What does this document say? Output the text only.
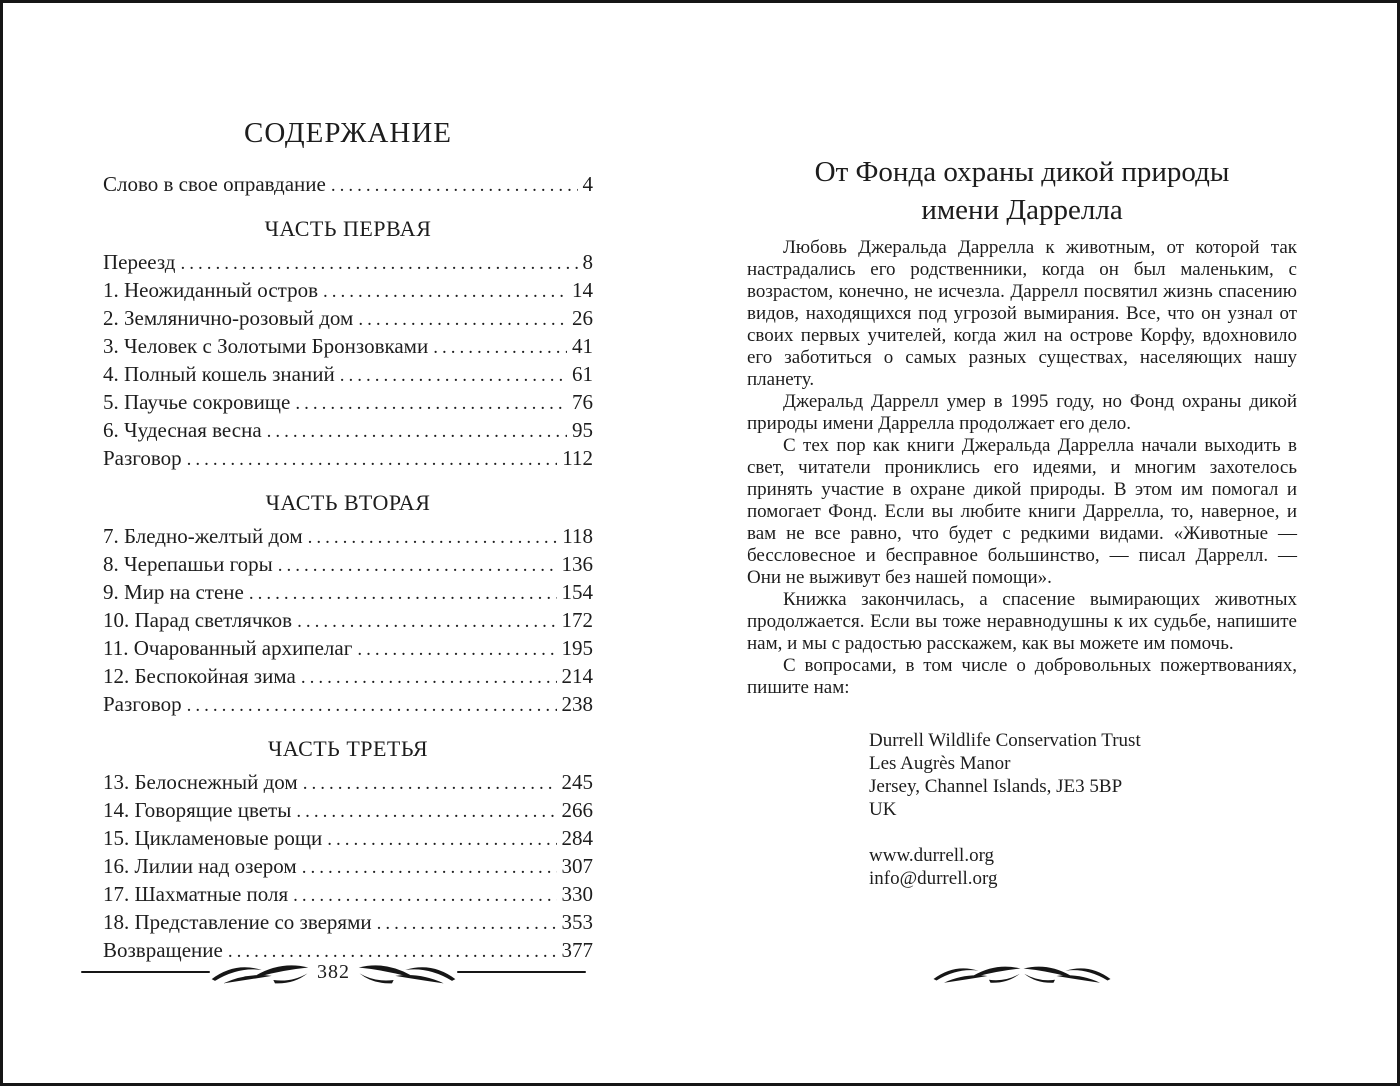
СОДЕРЖАНИЕ
Слово в свое оправдание .....	4
ЧАСТЬ ПЕРВАЯ
Переезд .....	8
1. Неожиданный остров .....	14
2. Землянично-розовый дом .....	26
3. Человек с Золотыми Бронзовками .....	41
4. Полный кошель знаний .....	61
5. Паучье сокровище .....	76
6. Чудесная весна .....	95
Разговор .....	112
ЧАСТЬ ВТОРАЯ
7. Бледно-желтый дом .....	118
8. Черепашьи горы .....	136
9. Мир на стене .....	154
10. Парад светлячков .....	172
11. Очарованный архипелаг .....	195
12. Беспокойная зима .....	214
Разговор .....	238
ЧАСТЬ ТРЕТЬЯ
13. Белоснежный дом .....	245
14. Говорящие цветы .....	266
15. Цикламеновые рощи .....	284
16. Лилии над озером .....	307
17. Шахматные поля .....	330
18. Представление со зверями .....	353
Возвращение .....	377
382
От Фонда охраны дикой природы
имени Даррелла

Любовь Джеральда Даррелла к животным, от которой так настрадались его родственники, когда он был маленьким, с возрастом, конечно, не исчезла. Даррелл посвятил жизнь спасению видов, находящихся под угрозой вымирания. Все, что он узнал от своих первых учителей, когда жил на острове Корфу, вдохновило его заботиться о самых разных существах, населяющих нашу планету.

Джеральд Даррелл умер в 1995 году, но Фонд охраны дикой природы имени Даррелла продолжает его дело.

С тех пор как книги Джеральда Даррелла начали выходить в свет, читатели прониклись его идеями, и многим захотелось принять участие в охране дикой природы. В этом им помогал и помогает Фонд. Если вы любите книги Даррелла, то, наверное, и вам не все равно, что будет с редкими видами. «Животные — бессловесное и бесправное большинство, — писал Даррелл. — Они не выживут без нашей помощи».

Книжка закончилась, а спасение вымирающих животных продолжается. Если вы тоже неравнодушны к их судьбе, напишите нам, и мы с радостью расскажем, как вы можете им помочь.

С вопросами, в том числе о добровольных пожертвованиях, пишите нам:

Durrell Wildlife Conservation Trust
Les Augrès Manor
Jersey, Channel Islands, JE3 5BP
UK
www.durrell.org
info@durrell.org
